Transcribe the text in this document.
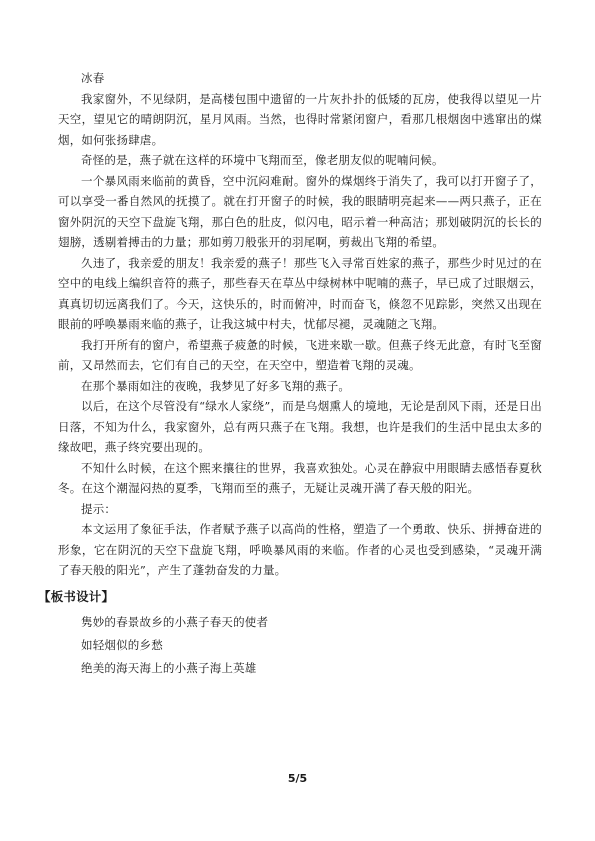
冰春

我家窗外，不见绿阴，是高楼包围中遗留的一片灰扑扑的低矮的瓦房，使我得以望见一片天空，望见它的晴朗阴沉，星月风雨。当然，也得时常紧闭窗户，看那几根烟囱中逃窜出的煤烟，如何张扬肆虐。

奇怪的是，燕子就在这样的环境中飞翔而至，像老朋友似的呢喃问候。

一个暴风雨来临前的黄昏，空中沉闷难耐。窗外的煤烟终于消失了，我可以打开窗子了，可以享受一番自然风的抚摸了。就在打开窗子的时候，我的眼睛明亮起来——两只燕子，正在窗外阴沉的天空下盘旋飞翔，那白色的肚皮，似闪电，昭示着一种高洁；那划破阴沉的长长的翅膀，透剔着搏击的力量；那如剪刀般张开的羽尾啊，剪裁出飞翔的希望。

久违了，我亲爱的朋友！我亲爱的燕子！那些飞入寻常百姓家的燕子，那些少时见过的在空中的电线上编织音符的燕子，那些春天在草丛中绿树林中呢喃的燕子，早已成了过眼烟云，真真切切远离我们了。今天，这快乐的，时而俯冲，时而奋飞，倏忽不见踪影，突然又出现在眼前的呼唤暴雨来临的燕子，让我这城中村夫，忧郁尽褪，灵魂随之飞翔。

我打开所有的窗户，希望燕子疲惫的时候，飞进来歇一歇。但燕子终无此意，有时飞至窗前，又昂然而去，它们有自己的天空，在天空中，塑造着飞翔的灵魂。

在那个暴雨如注的夜晚，我梦见了好多飞翔的燕子。

以后，在这个尽管没有“绿水人家绕”，而是乌烟熏人的境地，无论是刮风下雨，还是日出日落，不知为什么，我家窗外，总有两只燕子在飞翔。我想，也许是我们的生活中昆虫太多的缘故吧，燕子终究要出现的。

不知什么时候，在这个熙来攘往的世界，我喜欢独处。心灵在静寂中用眼睛去感悟春夏秋冬。在这个潮湿闷热的夏季，飞翔而至的燕子，无疑让灵魂开满了春天般的阳光。

提示：

本文运用了象征手法，作者赋予燕子以高尚的性格，塑造了一个勇敢、快乐、拼搏奋进的形象，它在阴沉的天空下盘旋飞翔，呼唤暴风雨的来临。作者的心灵也受到感染，“灵魂开满了春天般的阳光”，产生了蓬勃奋发的力量。

【板书设计】

隽妙的春景故乡的小燕子春天的使者

如轻烟似的乡愁

绝美的海天海上的小燕子海上英雄

5/5
